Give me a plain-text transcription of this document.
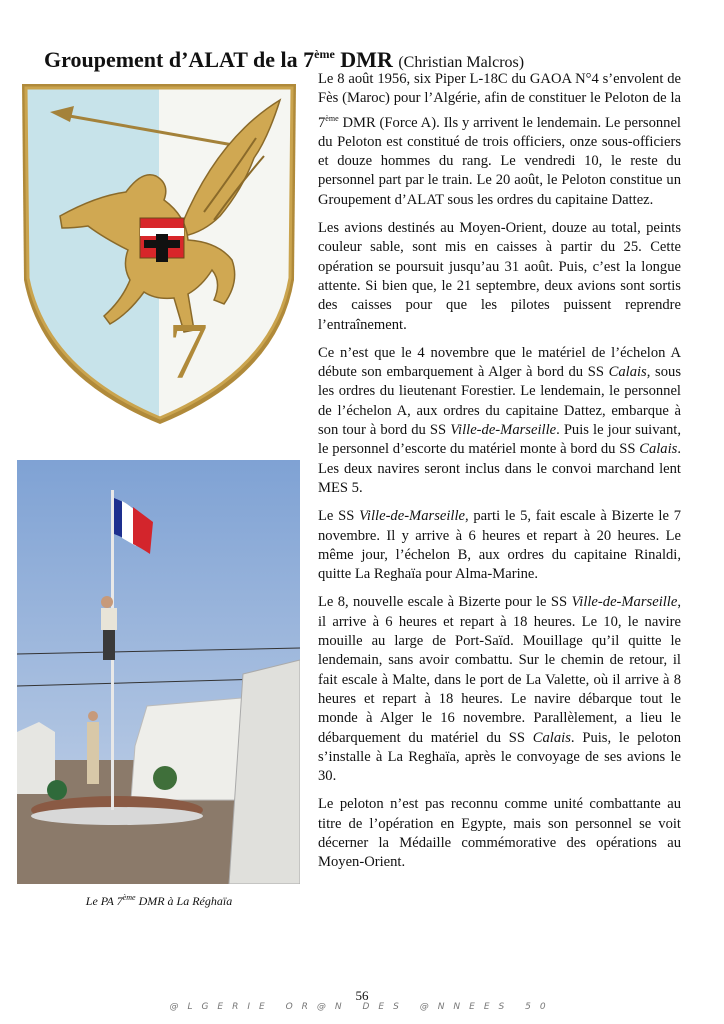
Groupement d’ALAT de la 7ème DMR (Christian Malcros)
7
Le PA 7ème DMR à La Réghaïa

Le 8 août 1956, six Piper L-18C du GAOA N°4 s’envolent de Fès (Maroc) pour l’Algérie, afin de constituer le Peloton de la 7ème DMR (Force A). Ils y arrivent le lendemain. Le personnel du Peloton est constitué de trois officiers, onze sous-officiers et douze hommes du rang. Le vendredi 10, le reste du personnel part par le train. Le 20 août, le Peloton constitue un Groupement d’ALAT sous les ordres du capitaine Dattez.

Les avions destinés au Moyen-Orient, douze au total, peints couleur sable, sont mis en caisses à partir du 25. Cette opération se poursuit jusqu’au 31 août. Puis, c’est la longue attente. Si bien que, le 21 septembre, deux avions sont sortis des caisses pour que les pilotes puissent reprendre l’entraînement.

Ce n’est que le 4 novembre que le matériel de l’échelon A débute son embarquement à Alger à bord du SS Calais, sous les ordres du lieutenant Forestier. Le lendemain, le personnel de l’échelon A, aux ordres du capitaine Dattez, embarque à son tour à bord du SS Ville-de-Marseille. Puis le jour suivant, le personnel d’escorte du matériel monte à bord du SS Calais. Les deux navires seront inclus dans le convoi marchand lent MES 5.

Le SS Ville-de-Marseille, parti le 5, fait escale à Bizerte le 7 novembre. Il y arrive à 6 heures et repart à 20 heures. Le même jour, l’échelon B, aux ordres du capitaine Rinaldi, quitte La Reghaïa pour Alma-Marine.

Le 8, nouvelle escale à Bizerte pour le SS Ville-de-Marseille, il arrive à 6 heures et repart à 18 heures. Le 10, le navire mouille au large de Port-Saïd. Mouillage qu’il quitte le lendemain, sans avoir combattu. Sur le chemin de retour, il fait escale à Malte, dans le port de La Valette, où il arrive à 8 heures et repart à 18 heures. Le navire débarque tout le monde à Alger le 16 novembre. Parallèlement, a lieu le débarquement du matériel du SS Calais. Puis, le peloton s’installe à La Reghaïa, après le convoyage de ses avions le 30.

Le peloton n’est pas reconnu comme unité combattante au titre de l’opération en Egypte, mais son personnel se voit décerner la Médaille commémorative des opérations au Moyen-Orient.

56
@LGERIE OR@N DES @NNEES 50
